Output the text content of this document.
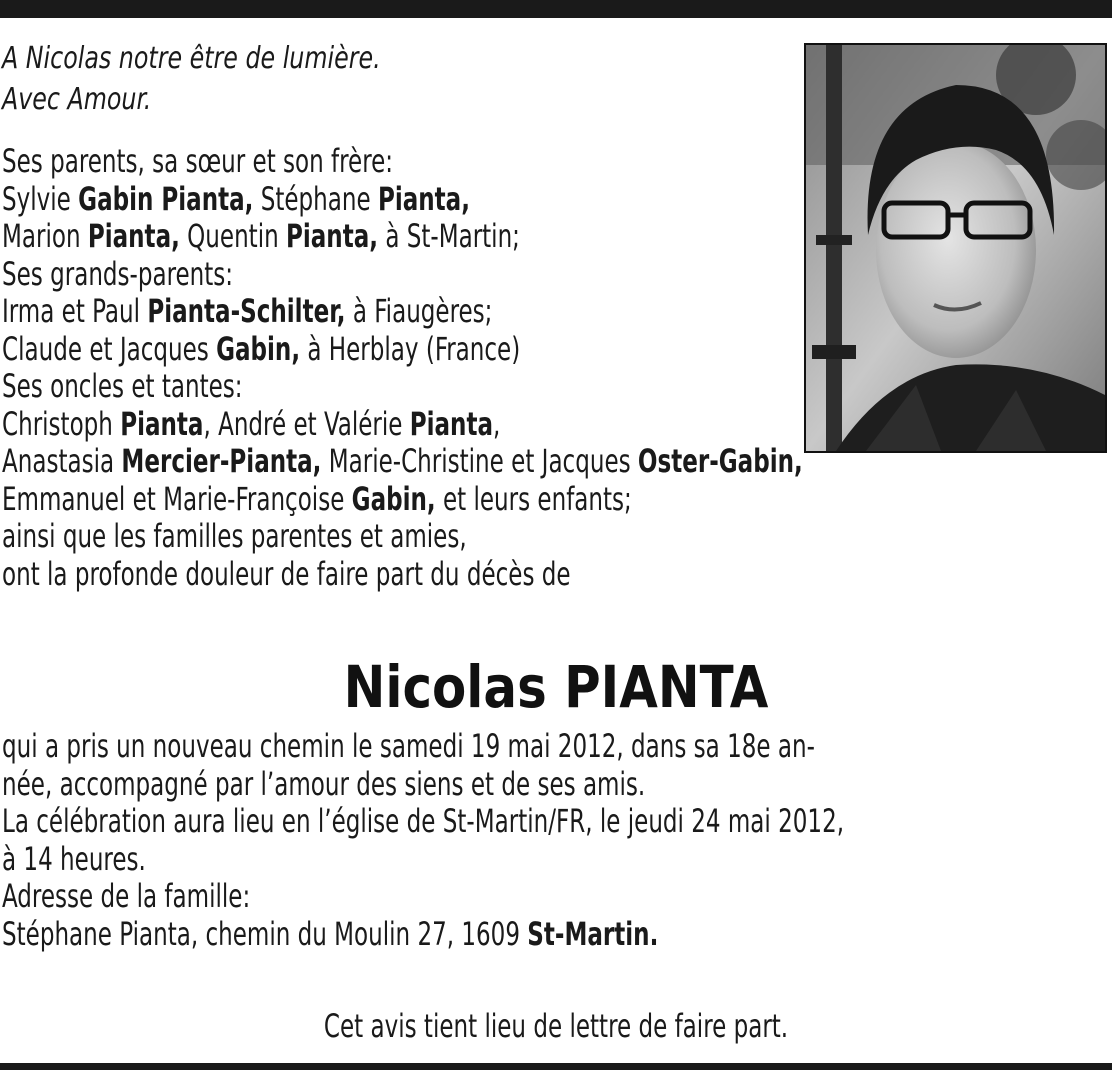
A Nicolas notre être de lumière.
Avec Amour.
Ses parents, sa sœur et son frère:
Sylvie Gabin Pianta, Stéphane Pianta,
Marion Pianta, Quentin Pianta, à St-Martin;
Ses grands-parents:
Irma et Paul Pianta-Schilter, à Fiaugères;
Claude et Jacques Gabin, à Herblay (France)
Ses oncles et tantes:
Christoph Pianta, André et Valérie Pianta,
Anastasia Mercier-Pianta, Marie-Christine et Jacques Oster-Gabin,
Emmanuel et Marie-Françoise Gabin, et leurs enfants;
ainsi que les familles parentes et amies,
ont la profonde douleur de faire part du décès de
Nicolas PIANTA
qui a pris un nouveau chemin le samedi 19 mai 2012, dans sa 18e an-
née, accompagné par l’amour des siens et de ses amis.
La célébration aura lieu en l’église de St-Martin/FR, le jeudi 24 mai 2012,
à 14 heures.
Adresse de la famille:
Stéphane Pianta, chemin du Moulin 27, 1609 St-Martin.
Cet avis tient lieu de lettre de faire part.
